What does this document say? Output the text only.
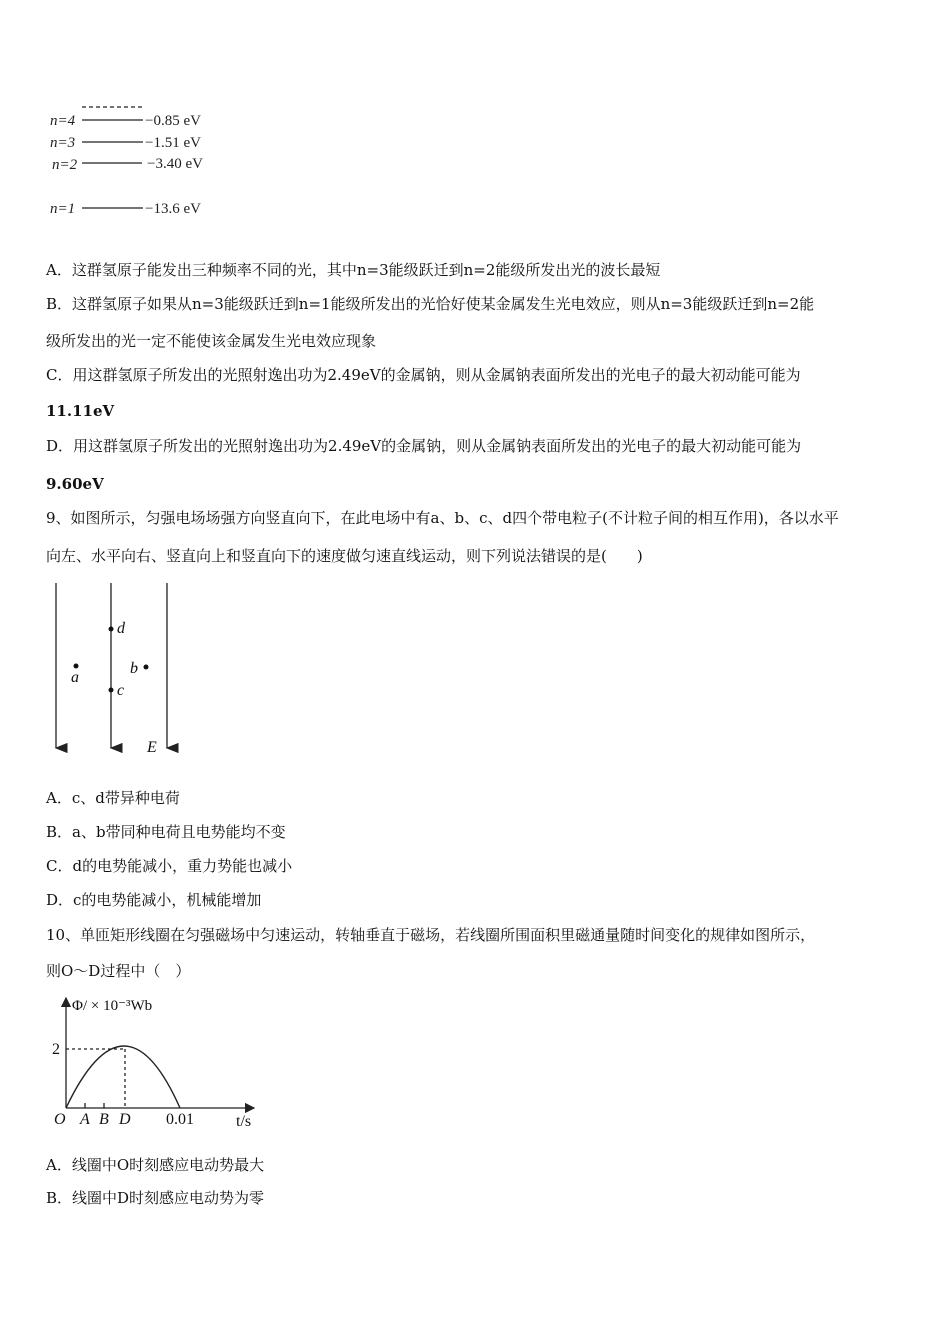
n=4	−0.85 eV
n=3	−1.51 eV
n=2	−3.40 eV
n=1	−13.6 eV
A．这群氢原子能发出三种频率不同的光，其中n=3能级跃迁到n=2能级所发出光的波长最短
B．这群氢原子如果从n=3能级跃迁到n=1能级所发出的光恰好使某金属发生光电效应，则从n=3能级跃迁到n=2能
级所发出的光一定不能使该金属发生光电效应现象
C．用这群氢原子所发出的光照射逸出功为2.49eV的金属钠，则从金属钠表面所发出的光电子的最大初动能可能为
11.11eV
D．用这群氢原子所发出的光照射逸出功为2.49eV的金属钠，则从金属钠表面所发出的光电子的最大初动能可能为
9.60eV
9、如图所示，匀强电场场强方向竖直向下，在此电场中有a、b、c、d四个带电粒子(不计粒子间的相互作用)，各以水平
向左、水平向右、竖直向上和竖直向下的速度做匀速直线运动，则下列说法错误的是(　　)
d
c
a
b
E
A．c、d带异种电荷
B．a、b带同种电荷且电势能均不变
C．d的电势能减小，重力势能也减小
D．c的电势能减小，机械能增加
10、单匝矩形线圈在匀强磁场中匀速运动，转轴垂直于磁场，若线圈所围面积里磁通量随时间变化的规律如图所示，
则O～D过程中（　）
Φ/ × 10⁻³Wb
2
O A B D 0.01	t/s
A．线圈中O时刻感应电动势最大
B．线圈中D时刻感应电动势为零
